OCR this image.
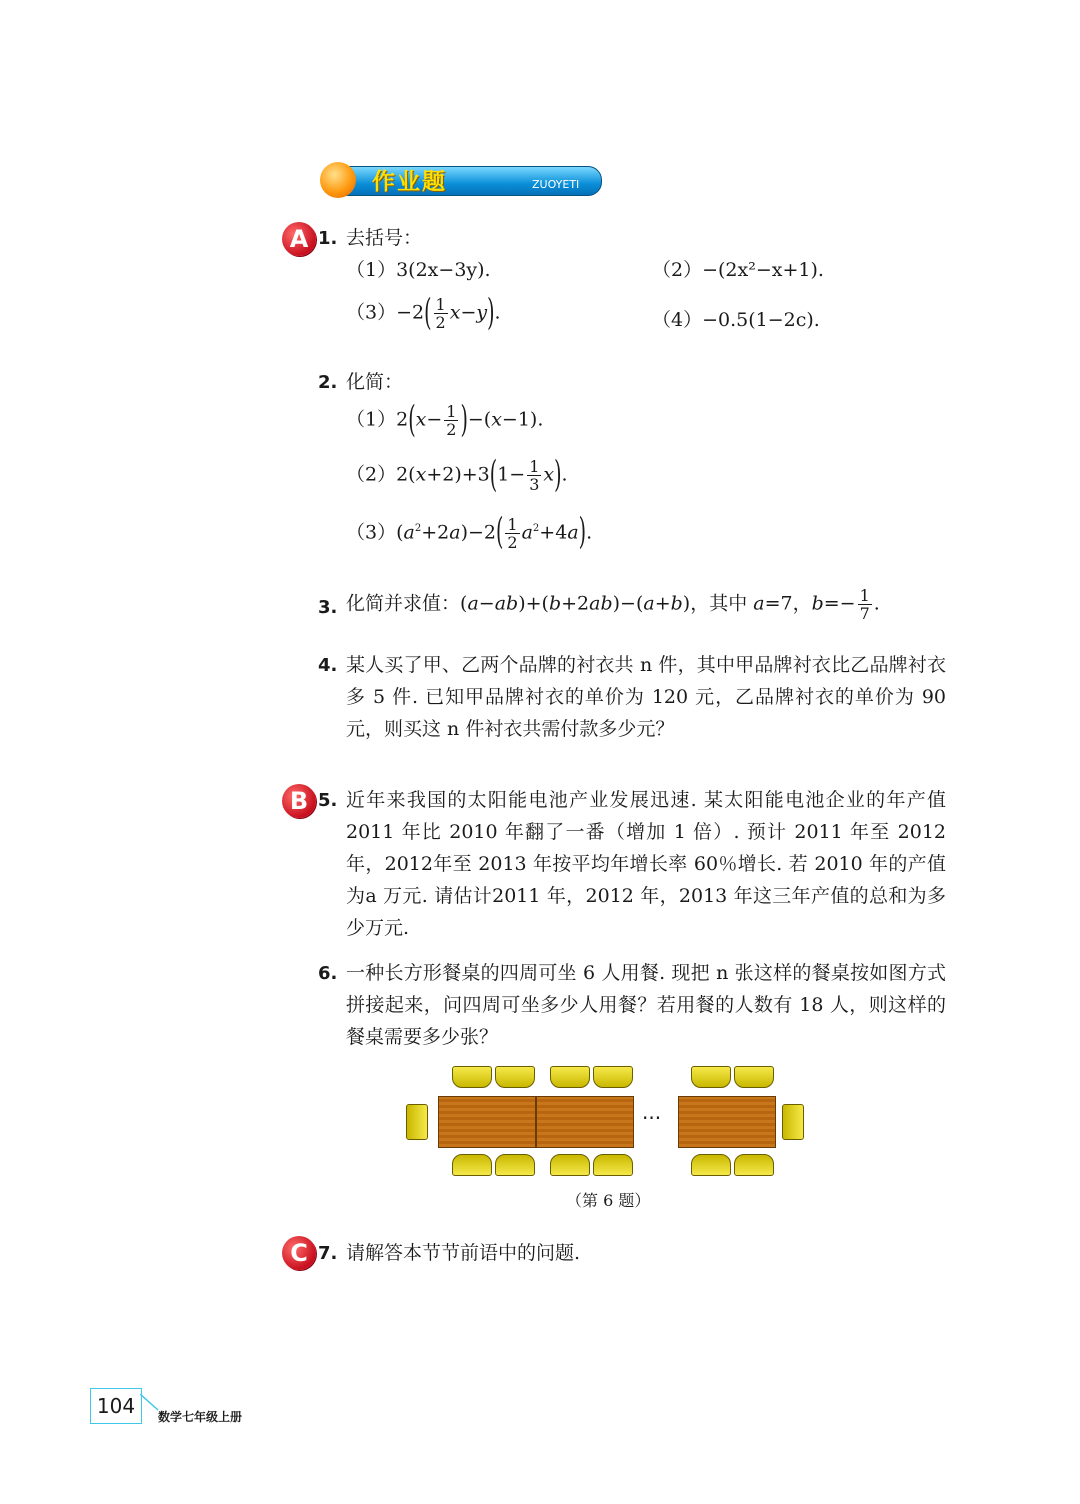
作业题	ZUOYETI
A 1. 去括号：
（1）3(2x−3y).	（2）−(2x²−x+1).
$(3)-2( \frac{1}{2} x-y)$.	（4）−0.5(1−2c).
2. 化简：
$(1)2(x- \frac{1}{2} )-(x-1)$.
$(2)2(x+2)+3(1- \frac{1}{3} x)$.
$(3)(a^2+2a)-2( \frac{1}{2} a^2+4a)$.
3. 化简并求值：(a−ab)+(b+2ab)−(a+b)，其中 a=7，$b=- \frac{1}{7}$ .
4. 某人买了甲、乙两个品牌的衬衣共 n 件，其中甲品牌衬衣比乙品牌衬衣多 5 件. 已知甲品牌衬衣的单价为 120 元，乙品牌衬衣的单价为 90 元，则买这 n 件衬衣共需付款多少元？
B 5. 近年来我国的太阳能电池产业发展迅速. 某太阳能电池企业的年产值 2011 年比 2010 年翻了一番（增加 1 倍）. 预计 2011 年至 2012 年，2012年至 2013 年按平均年增长率 60％增长. 若 2010 年的产值为a 万元. 请估计2011 年，2012 年，2013 年这三年产值的总和为多少万元.
6. 一种长方形餐桌的四周可坐 6 人用餐. 现把 n 张这样的餐桌按如图方式拼接起来，问四周可坐多少人用餐？若用餐的人数有 18 人，则这样的餐桌需要多少张？
···
（第 6 题）
C 7. 请解答本节节前语中的问题.
104 数学七年级上册
